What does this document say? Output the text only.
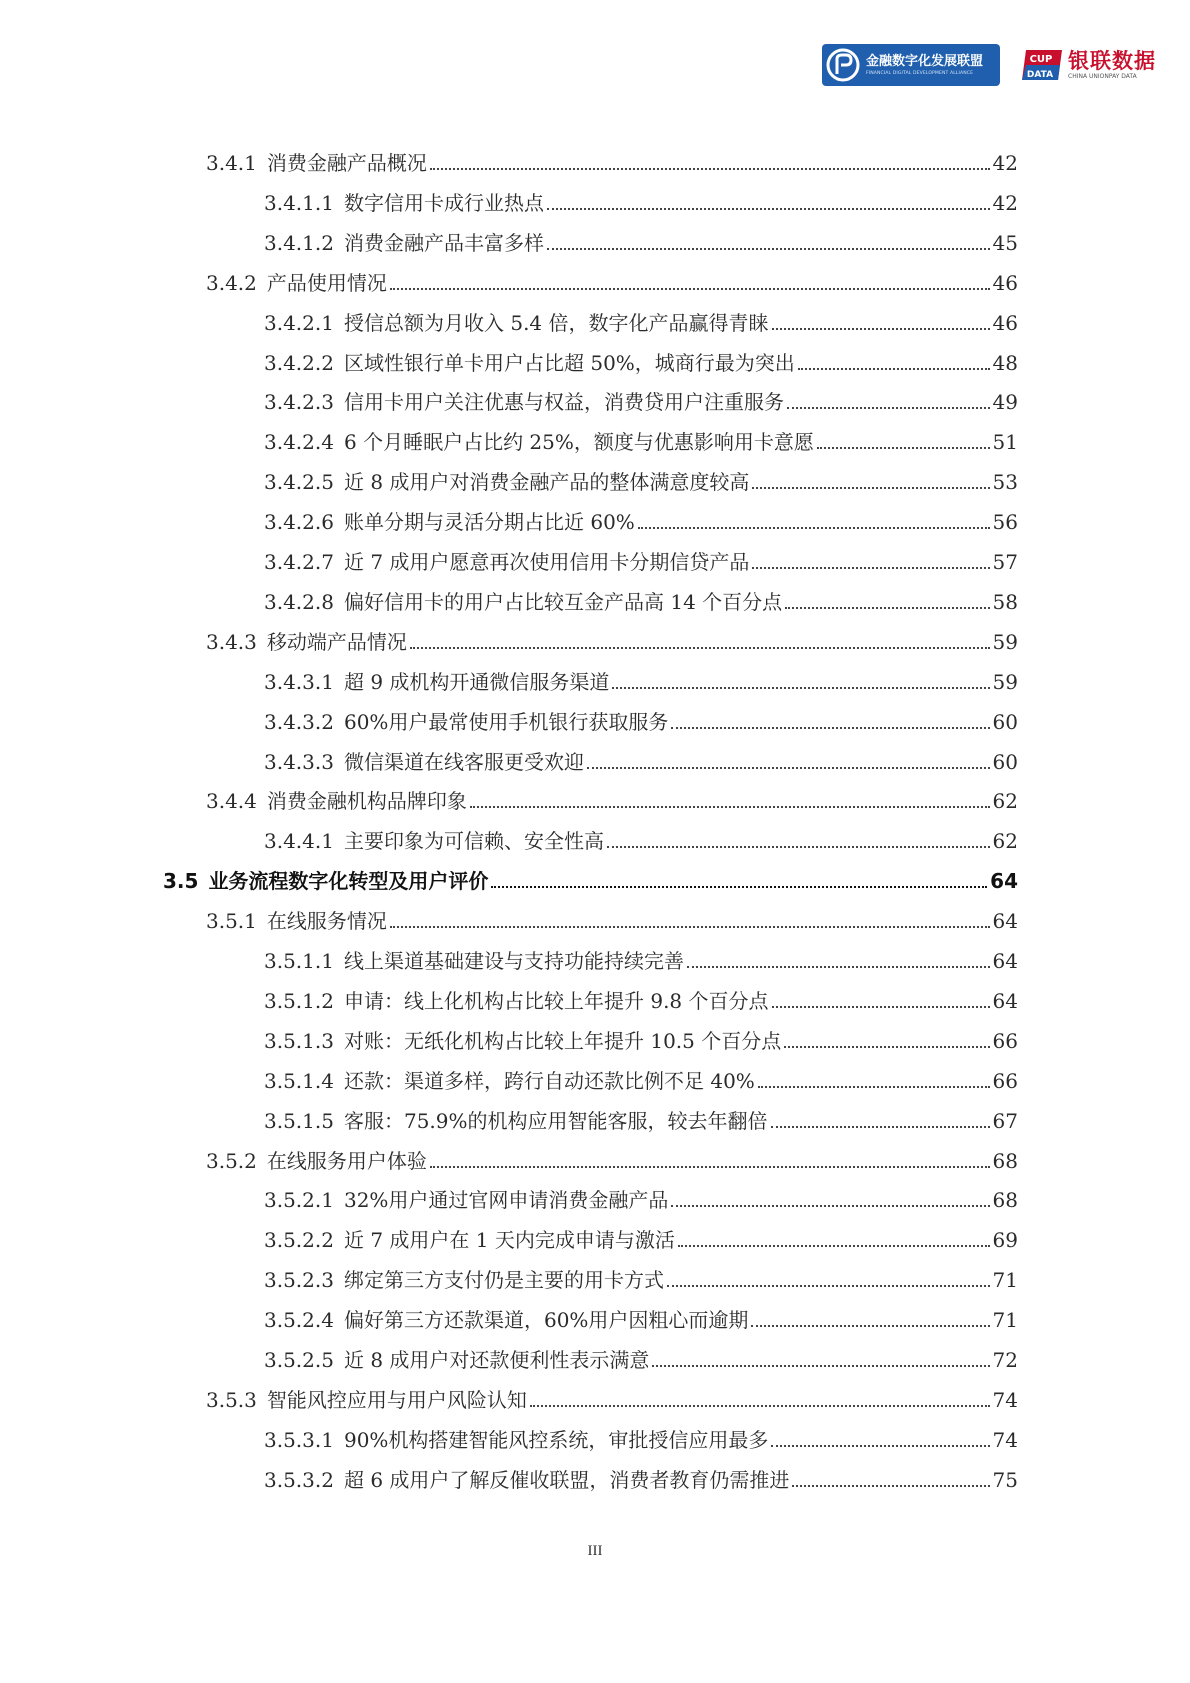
金融数字化发展联盟
FINANCIAL DIGITAL DEVELOPMENT ALLIANCE
CUP
DATA
银联数据
CHINA UNIONPAY DATA
3.4.1 消费金融产品概况	42
3.4.1.1 数字信用卡成行业热点	42
3.4.1.2 消费金融产品丰富多样	45
3.4.2 产品使用情况	46
3.4.2.1 授信总额为月收入 5.4 倍，数字化产品赢得青睐	46
3.4.2.2 区域性银行单卡用户占比超 50%，城商行最为突出	48
3.4.2.3 信用卡用户关注优惠与权益，消费贷用户注重服务	49
3.4.2.4 6 个月睡眠户占比约 25%，额度与优惠影响用卡意愿	51
3.4.2.5 近 8 成用户对消费金融产品的整体满意度较高	53
3.4.2.6 账单分期与灵活分期占比近 60%	56
3.4.2.7 近 7 成用户愿意再次使用信用卡分期信贷产品	57
3.4.2.8 偏好信用卡的用户占比较互金产品高 14 个百分点	58
3.4.3 移动端产品情况	59
3.4.3.1 超 9 成机构开通微信服务渠道	59
3.4.3.2 60%用户最常使用手机银行获取服务	60
3.4.3.3 微信渠道在线客服更受欢迎	60
3.4.4 消费金融机构品牌印象	62
3.4.4.1 主要印象为可信赖、安全性高	62
3.5 业务流程数字化转型及用户评价	64
3.5.1 在线服务情况	64
3.5.1.1 线上渠道基础建设与支持功能持续完善	64
3.5.1.2 申请：线上化机构占比较上年提升 9.8 个百分点	64
3.5.1.3 对账：无纸化机构占比较上年提升 10.5 个百分点	66
3.5.1.4 还款：渠道多样，跨行自动还款比例不足 40%	66
3.5.1.5 客服：75.9%的机构应用智能客服，较去年翻倍	67
3.5.2 在线服务用户体验	68
3.5.2.1 32%用户通过官网申请消费金融产品	68
3.5.2.2 近 7 成用户在 1 天内完成申请与激活	69
3.5.2.3 绑定第三方支付仍是主要的用卡方式	71
3.5.2.4 偏好第三方还款渠道，60%用户因粗心而逾期	71
3.5.2.5 近 8 成用户对还款便利性表示满意	72
3.5.3 智能风控应用与用户风险认知	74
3.5.3.1 90%机构搭建智能风控系统，审批授信应用最多	74
3.5.3.2 超 6 成用户了解反催收联盟，消费者教育仍需推进	75
III
